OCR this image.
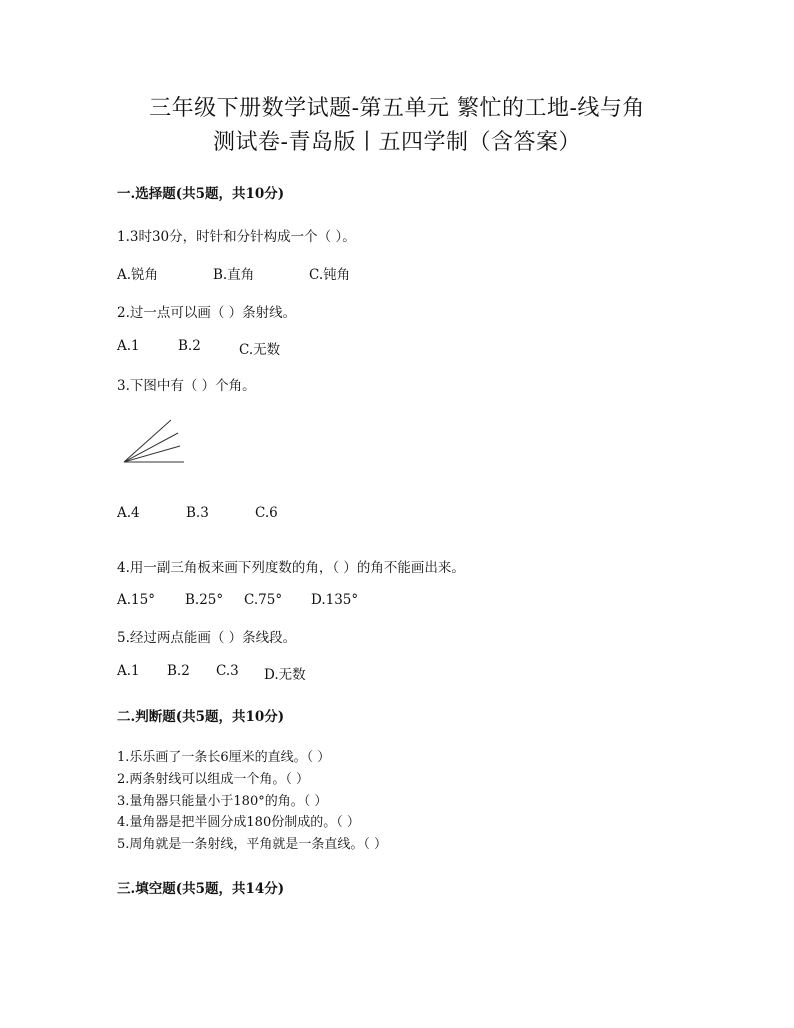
三年级下册数学试题-第五单元 繁忙的工地-线与角
测试卷-青岛版丨五四学制（含答案）
一.选择题(共5题，共10分)
1.3时30分，时针和分针构成一个（ ）。
A.锐角	B.直角	C.钝角
2.过一点可以画（ ）条射线。
A.1	B.2	C.无数
3.下图中有（ ）个角。
A.4	B.3	C.6
4.用一副三角板来画下列度数的角，（ ）的角不能画出来。
A.15° B.25° C.75° D.135°
5.经过两点能画（ ）条线段。
A.1 B.2 C.3 D.无数
二.判断题(共5题，共10分)
1.乐乐画了一条长6厘米的直线。（ ）
2.两条射线可以组成一个角。（ ）
3.量角器只能量小于180°的角。（ ）
4.量角器是把半圆分成180份制成的。（ ）
5.周角就是一条射线，平角就是一条直线。（ ）
三.填空题(共5题，共14分)
